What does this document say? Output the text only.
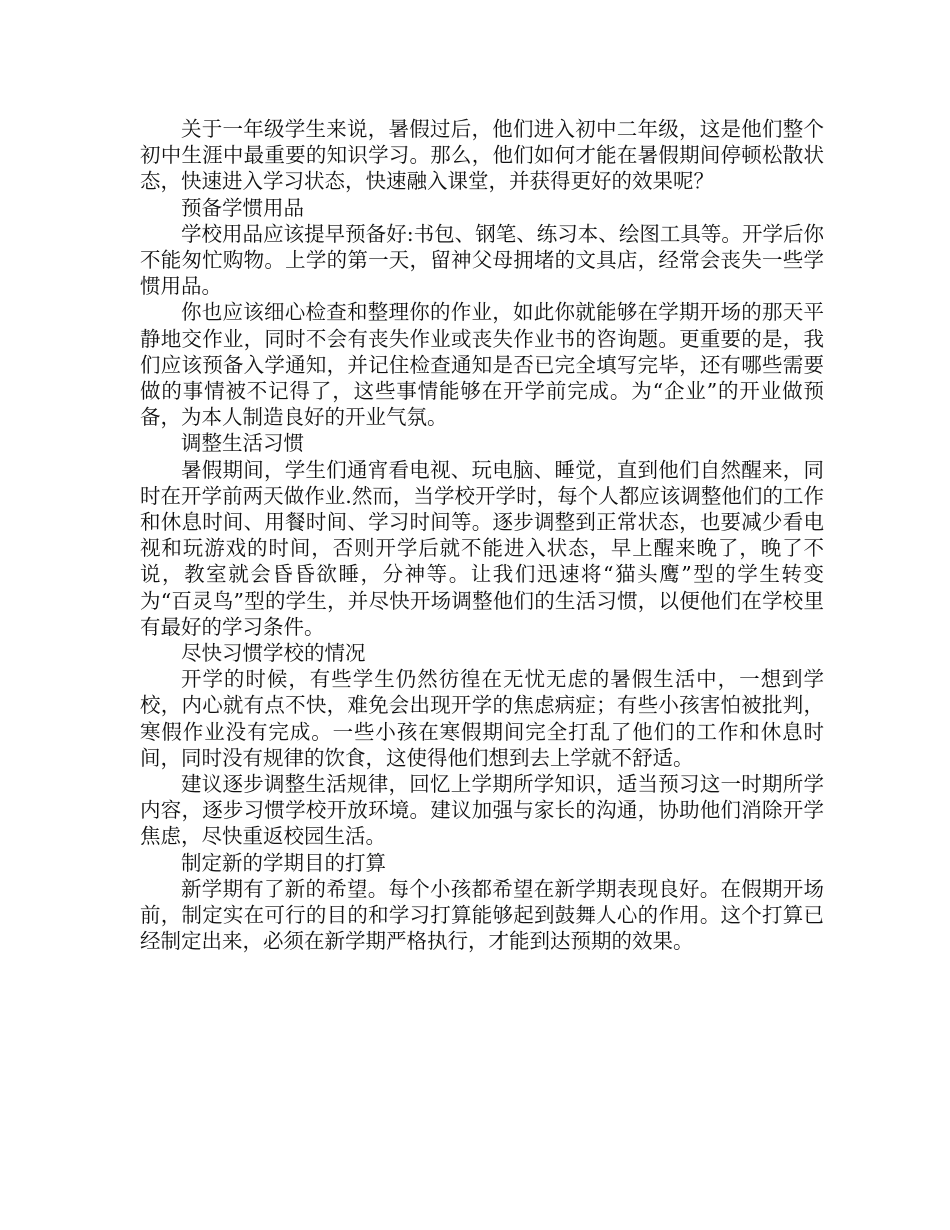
关于一年级学生来说，暑假过后，他们进入初中二年级，这是他们整个初中生涯中最重要的知识学习。那么，他们如何才能在暑假期间停顿松散状态，快速进入学习状态，快速融入课堂，并获得更好的效果呢？

预备学惯用品

学校用品应该提早预备好:书包、钢笔、练习本、绘图工具等。开学后你不能匆忙购物。上学的第一天，留神父母拥堵的文具店，经常会丧失一些学惯用品。

你也应该细心检查和整理你的作业，如此你就能够在学期开场的那天平静地交作业，同时不会有丧失作业或丧失作业书的咨询题。更重要的是，我们应该预备入学通知，并记住检查通知是否已完全填写完毕，还有哪些需要做的事情被不记得了，这些事情能够在开学前完成。为“企业”的开业做预备，为本人制造良好的开业气氛。

调整生活习惯

暑假期间，学生们通宵看电视、玩电脑、睡觉，直到他们自然醒来，同时在开学前两天做作业.然而，当学校开学时，每个人都应该调整他们的工作和休息时间、用餐时间、学习时间等。逐步调整到正常状态，也要减少看电视和玩游戏的时间，否则开学后就不能进入状态，早上醒来晚了，晚了不说，教室就会昏昏欲睡，分神等。让我们迅速将“猫头鹰”型的学生转变为“百灵鸟”型的学生，并尽快开场调整他们的生活习惯，以便他们在学校里有最好的学习条件。

尽快习惯学校的情况

开学的时候，有些学生仍然彷徨在无忧无虑的暑假生活中，一想到学校，内心就有点不快，难免会出现开学的焦虑病症；有些小孩害怕被批判，寒假作业没有完成。一些小孩在寒假期间完全打乱了他们的工作和休息时间，同时没有规律的饮食，这使得他们想到去上学就不舒适。

建议逐步调整生活规律，回忆上学期所学知识，适当预习这一时期所学内容，逐步习惯学校开放环境。建议加强与家长的沟通，协助他们消除开学焦虑，尽快重返校园生活。

制定新的学期目的打算

新学期有了新的希望。每个小孩都希望在新学期表现良好。在假期开场前，制定实在可行的目的和学习打算能够起到鼓舞人心的作用。这个打算已经制定出来，必须在新学期严格执行，才能到达预期的效果。
